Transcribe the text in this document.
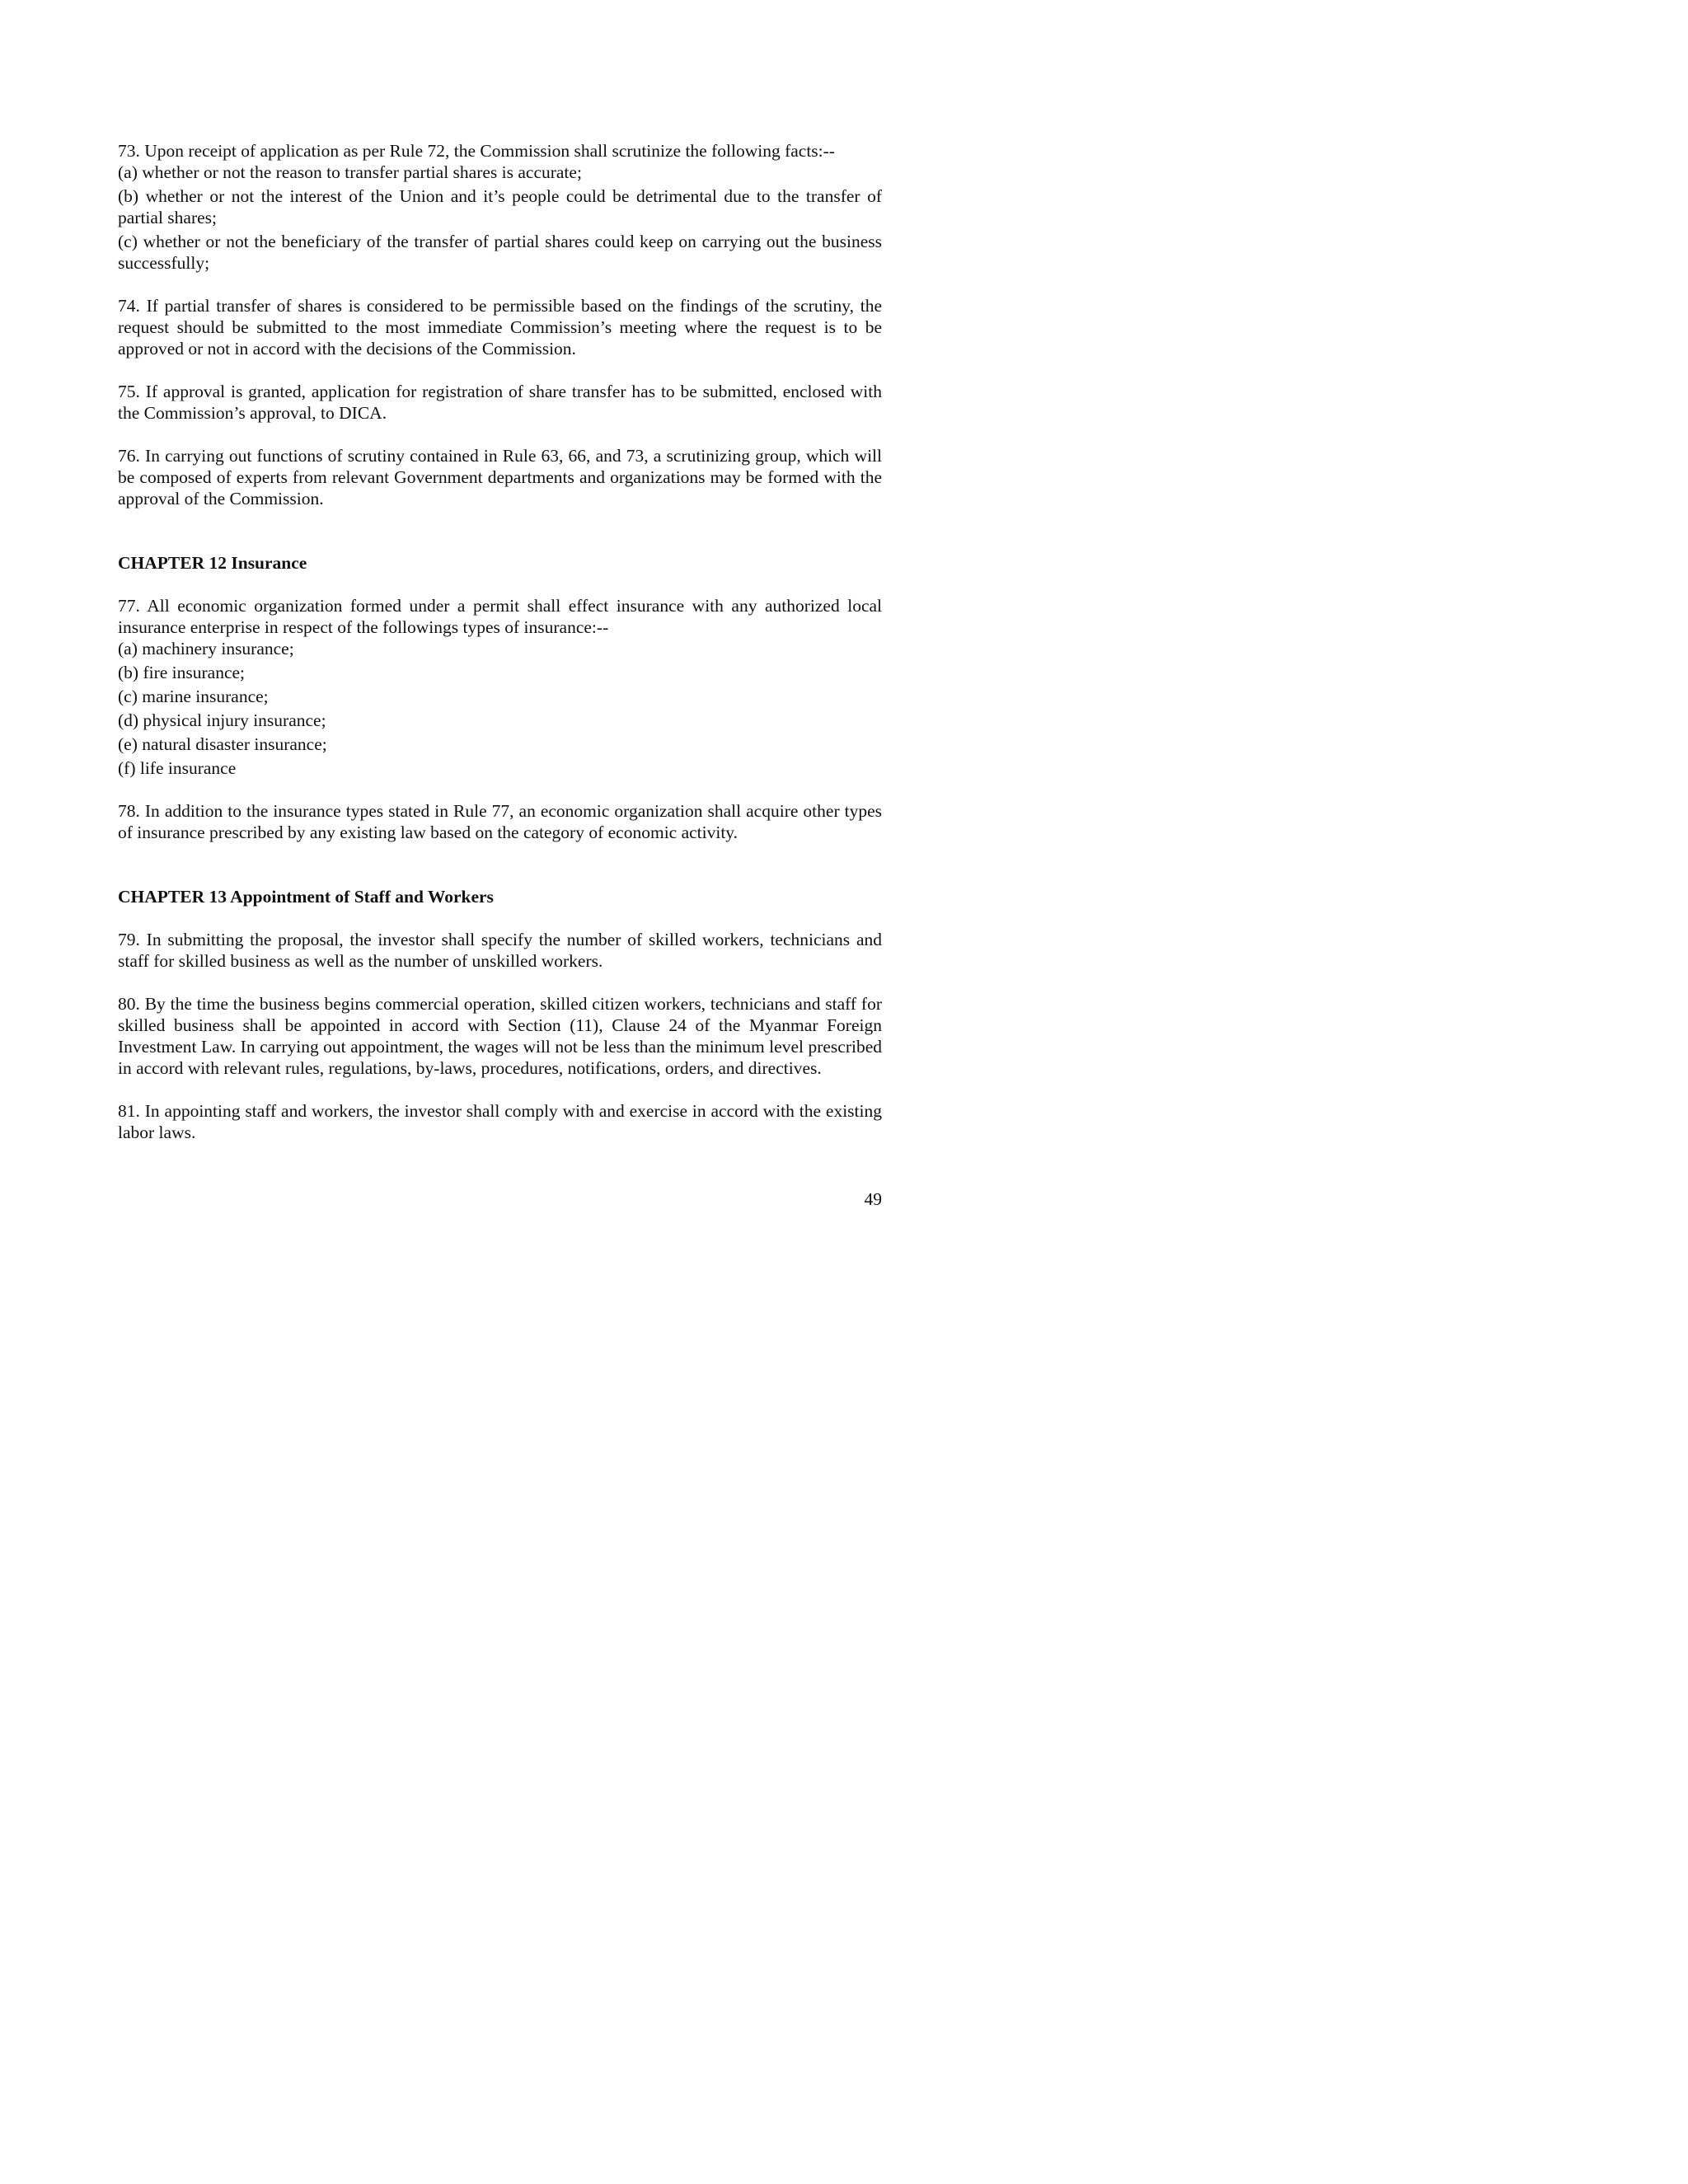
73. Upon receipt of application as per Rule 72, the Commission shall scrutinize the following facts:--

(a) whether or not the reason to transfer partial shares is accurate;

(b) whether or not the interest of the Union and it’s people could be detrimental due to the transfer of partial shares;

(c) whether or not the beneficiary of the transfer of partial shares could keep on carrying out the business successfully;

74. If partial transfer of shares is considered to be permissible based on the findings of the scrutiny, the request should be submitted to the most immediate Commission’s meeting where the request is to be approved or not in accord with the decisions of the Commission.

75. If approval is granted, application for registration of share transfer has to be submitted, enclosed with the Commission’s approval, to DICA.

76. In carrying out functions of scrutiny contained in Rule 63, 66, and 73, a scrutinizing group, which will be composed of experts from relevant Government departments and organizations may be formed with the approval of the Commission.

CHAPTER 12 Insurance

77. All economic organization formed under a permit shall effect insurance with any authorized local insurance enterprise in respect of the followings types of insurance:--

(a) machinery insurance;

(b) fire insurance;

(c) marine insurance;

(d) physical injury insurance;

(e) natural disaster insurance;

(f) life insurance

78. In addition to the insurance types stated in Rule 77, an economic organization shall acquire other types of insurance prescribed by any existing law based on the category of economic activity.

CHAPTER 13 Appointment of Staff and Workers

79. In submitting the proposal, the investor shall specify the number of skilled workers, technicians and staff for skilled business as well as the number of unskilled workers.

80. By the time the business begins commercial operation, skilled citizen workers, technicians and staff for skilled business shall be appointed in accord with Section (11), Clause 24 of the Myanmar Foreign Investment Law. In carrying out appointment, the wages will not be less than the minimum level prescribed in accord with relevant rules, regulations, by-laws, procedures, notifications, orders, and directives.

81. In appointing staff and workers, the investor shall comply with and exercise in accord with the existing labor laws.

49
